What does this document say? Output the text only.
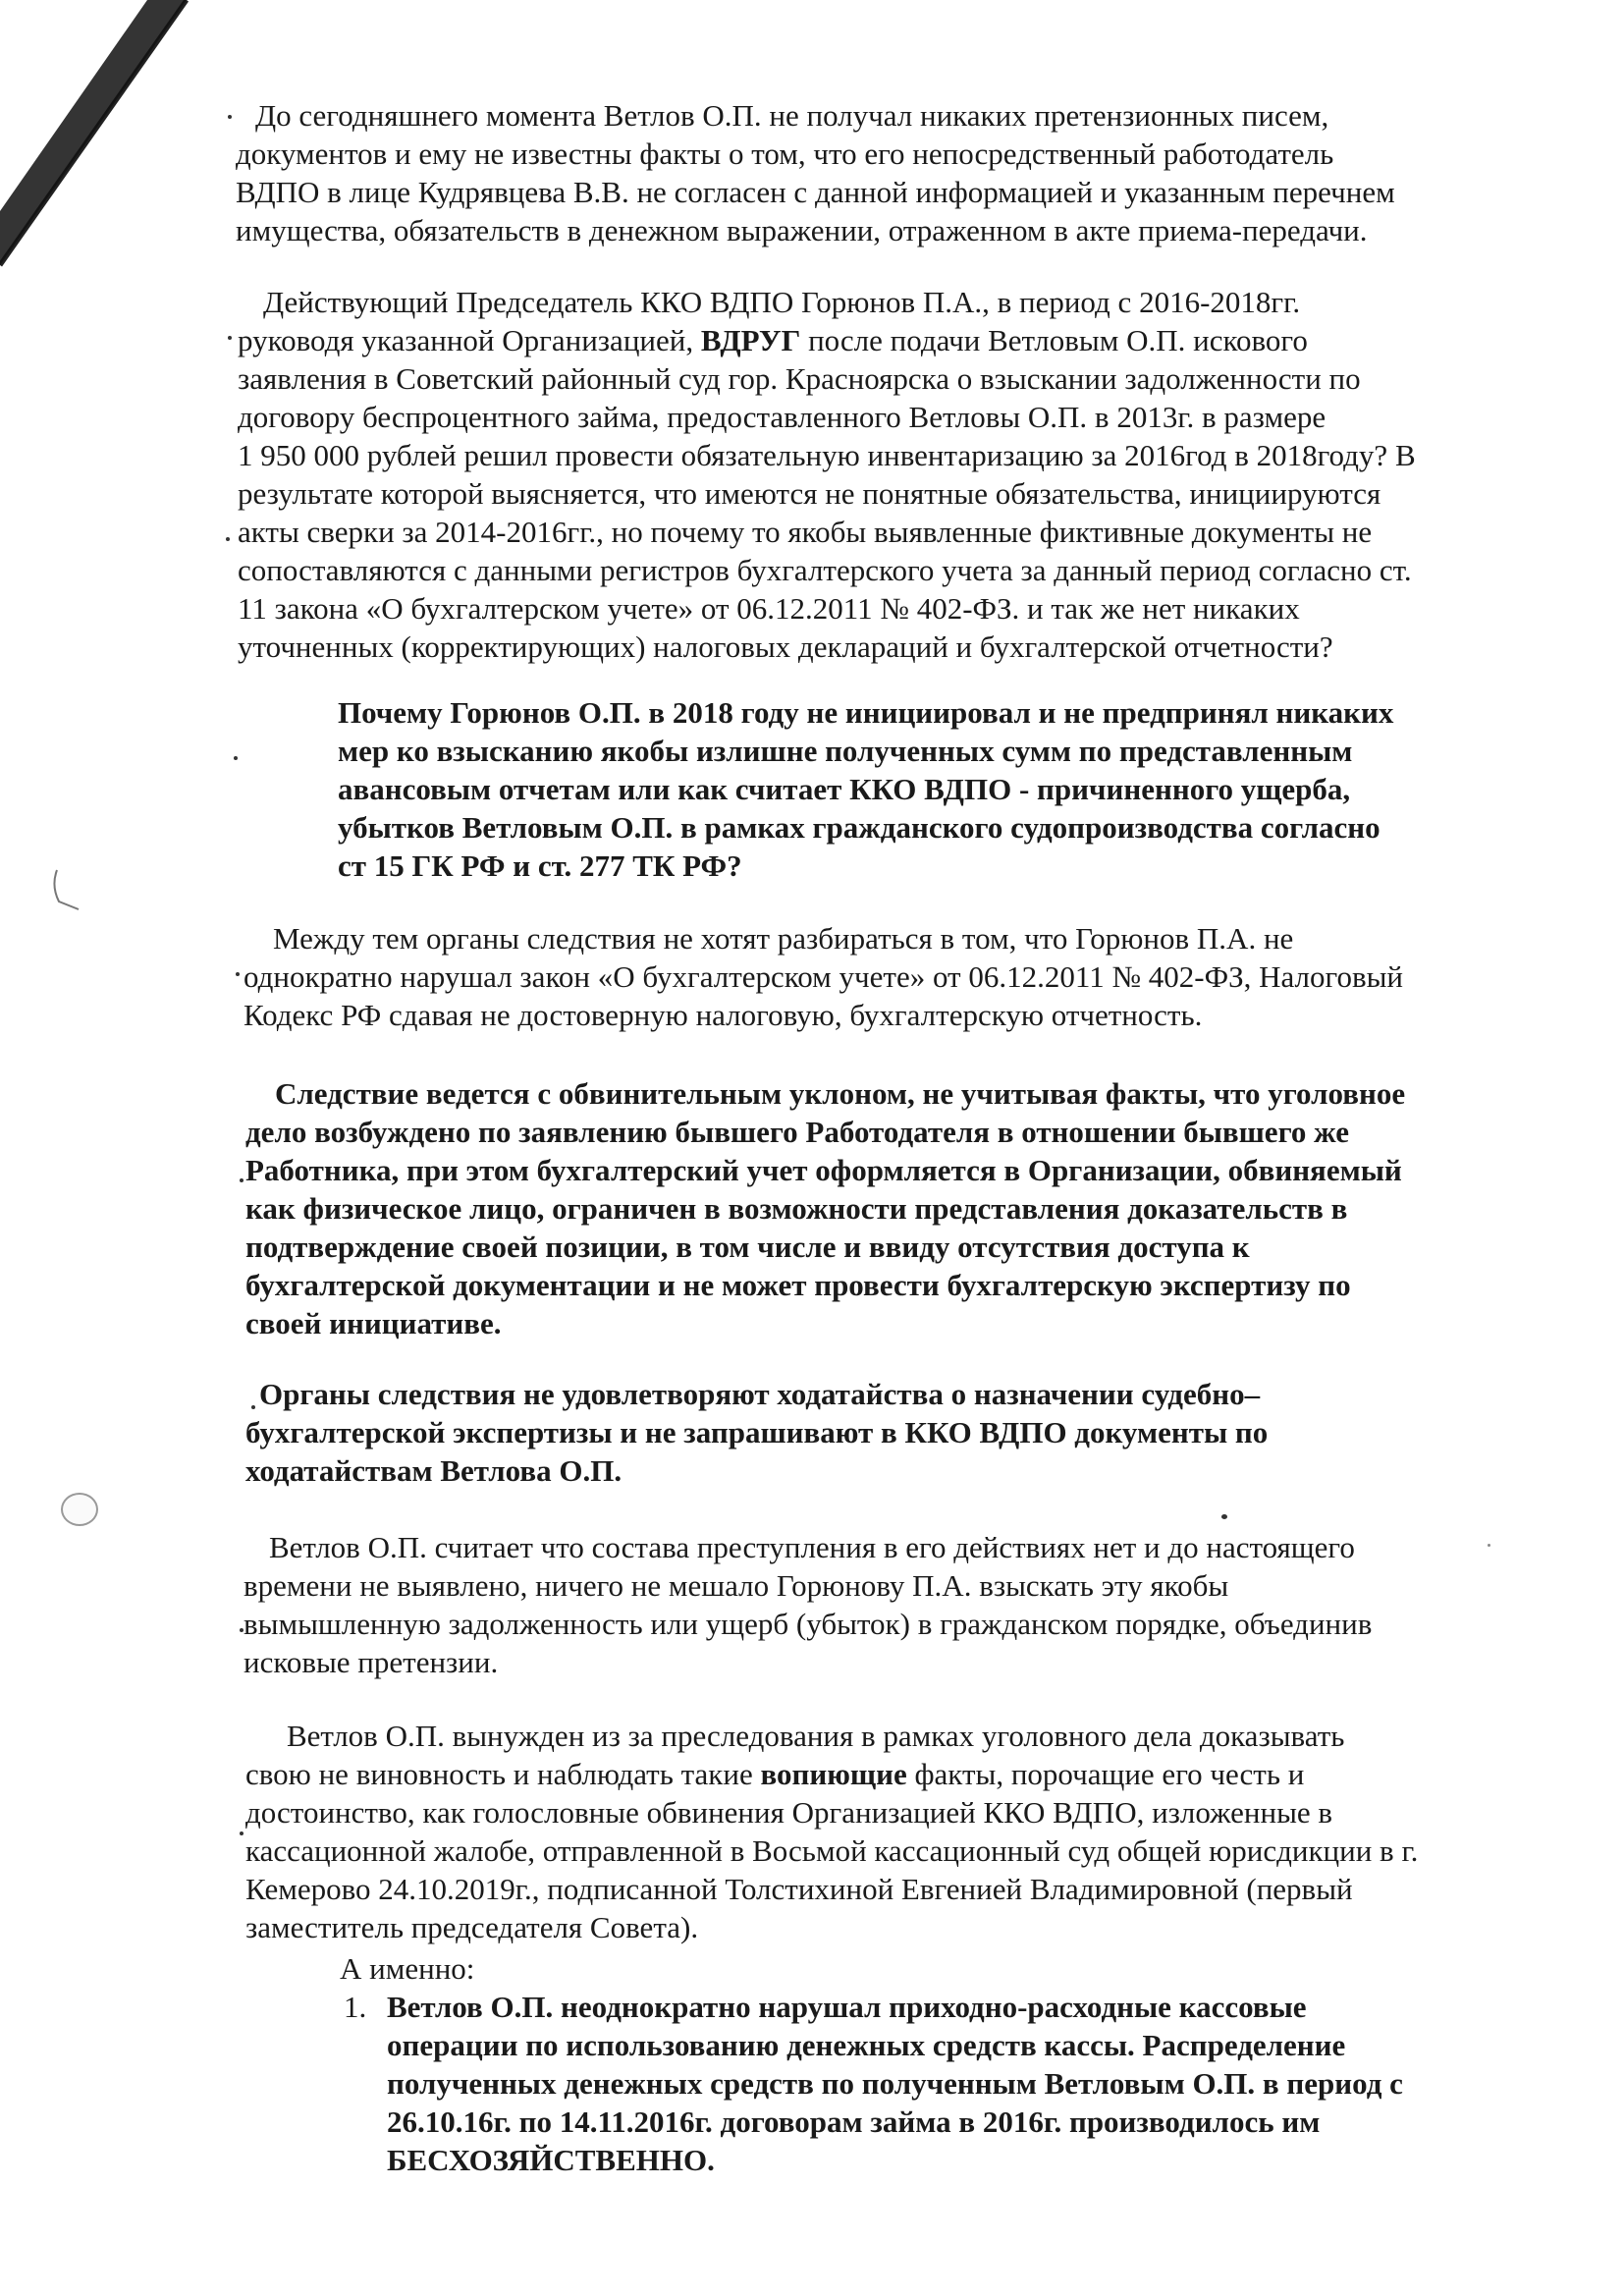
До сегодняшнего момента Ветлов О.П. не получал никаких претензионных писем,
документов и ему не известны факты о том, что его непосредственный работодатель
ВДПО в лице Кудрявцева В.В. не согласен с данной информацией и указанным перечнем
имущества, обязательств в денежном выражении, отраженном в акте приема-передачи.
Действующий Председатель ККО ВДПО Горюнов П.А., в период с 2016-2018гг.
руководя указанной Организацией, ВДРУГ после подачи Ветловым О.П. искового
заявления в Советский районный суд гор. Красноярска о взыскании задолженности по
договору беспроцентного займа, предоставленного Ветловы О.П. в 2013г. в размере
1 950 000 рублей решил провести обязательную инвентаризацию за 2016год в 2018году? В
результате которой выясняется, что имеются не понятные обязательства, инициируются
акты сверки за 2014-2016гг., но почему то якобы выявленные фиктивные документы не
сопоставляются с данными регистров бухгалтерского учета за данный период согласно ст.
11 закона «О бухгалтерском учете» от 06.12.2011 № 402-ФЗ. и так же нет никаких
уточненных (корректирующих) налоговых деклараций и бухгалтерской отчетности?
Почему Горюнов О.П. в 2018 году не инициировал и не предпринял никаких
мер ко взысканию якобы излишне полученных сумм по представленным
авансовым отчетам или как считает ККО ВДПО - причиненного ущерба,
убытков Ветловым О.П. в рамках гражданского судопроизводства согласно
ст 15 ГК РФ и ст. 277 ТК РФ?
Между тем органы следствия не хотят разбираться в том, что Горюнов П.А. не
однократно нарушал закон «О бухгалтерском учете» от 06.12.2011 № 402-ФЗ, Налоговый
Кодекс РФ сдавая не достоверную налоговую, бухгалтерскую отчетность.
Следствие ведется с обвинительным уклоном, не учитывая факты, что уголовное
дело возбуждено по заявлению бывшего Работодателя в отношении бывшего же
Работника, при этом бухгалтерский учет оформляется в Организации, обвиняемый
как физическое лицо, ограничен в возможности представления доказательств в
подтверждение своей позиции, в том числе и ввиду отсутствия доступа к
бухгалтерской документации и не может провести бухгалтерскую экспертизу по
своей инициативе.
Органы следствия не удовлетворяют ходатайства о назначении судебно–
бухгалтерской экспертизы и не запрашивают в ККО ВДПО документы по
ходатайствам Ветлова О.П.
Ветлов О.П. считает что состава преступления в его действиях нет и до настоящего
времени не выявлено, ничего не мешало Горюнову П.А. взыскать эту якобы
вымышленную задолженность или ущерб (убыток) в гражданском порядке, объединив
исковые претензии.
Ветлов О.П. вынужден из за преследования в рамках уголовного дела доказывать
свою не виновность и наблюдать такие вопиющие факты, порочащие его честь и
достоинство, как голословные обвинения Организацией ККО ВДПО, изложенные в
кассационной жалобе, отправленной в Восьмой кассационный суд общей юрисдикции в г.
Кемерово 24.10.2019г., подписанной Толстихиной Евгенией Владимировной (первый
заместитель председателя Совета).
А именно:
1. Ветлов О.П. неоднократно нарушал приходно-расходные кассовые
операции по использованию денежных средств кассы. Распределение
полученных денежных средств по полученным Ветловым О.П. в период с
26.10.16г. по 14.11.2016г. договорам займа в 2016г. производилось им
БЕСХОЗЯЙСТВЕННО.
